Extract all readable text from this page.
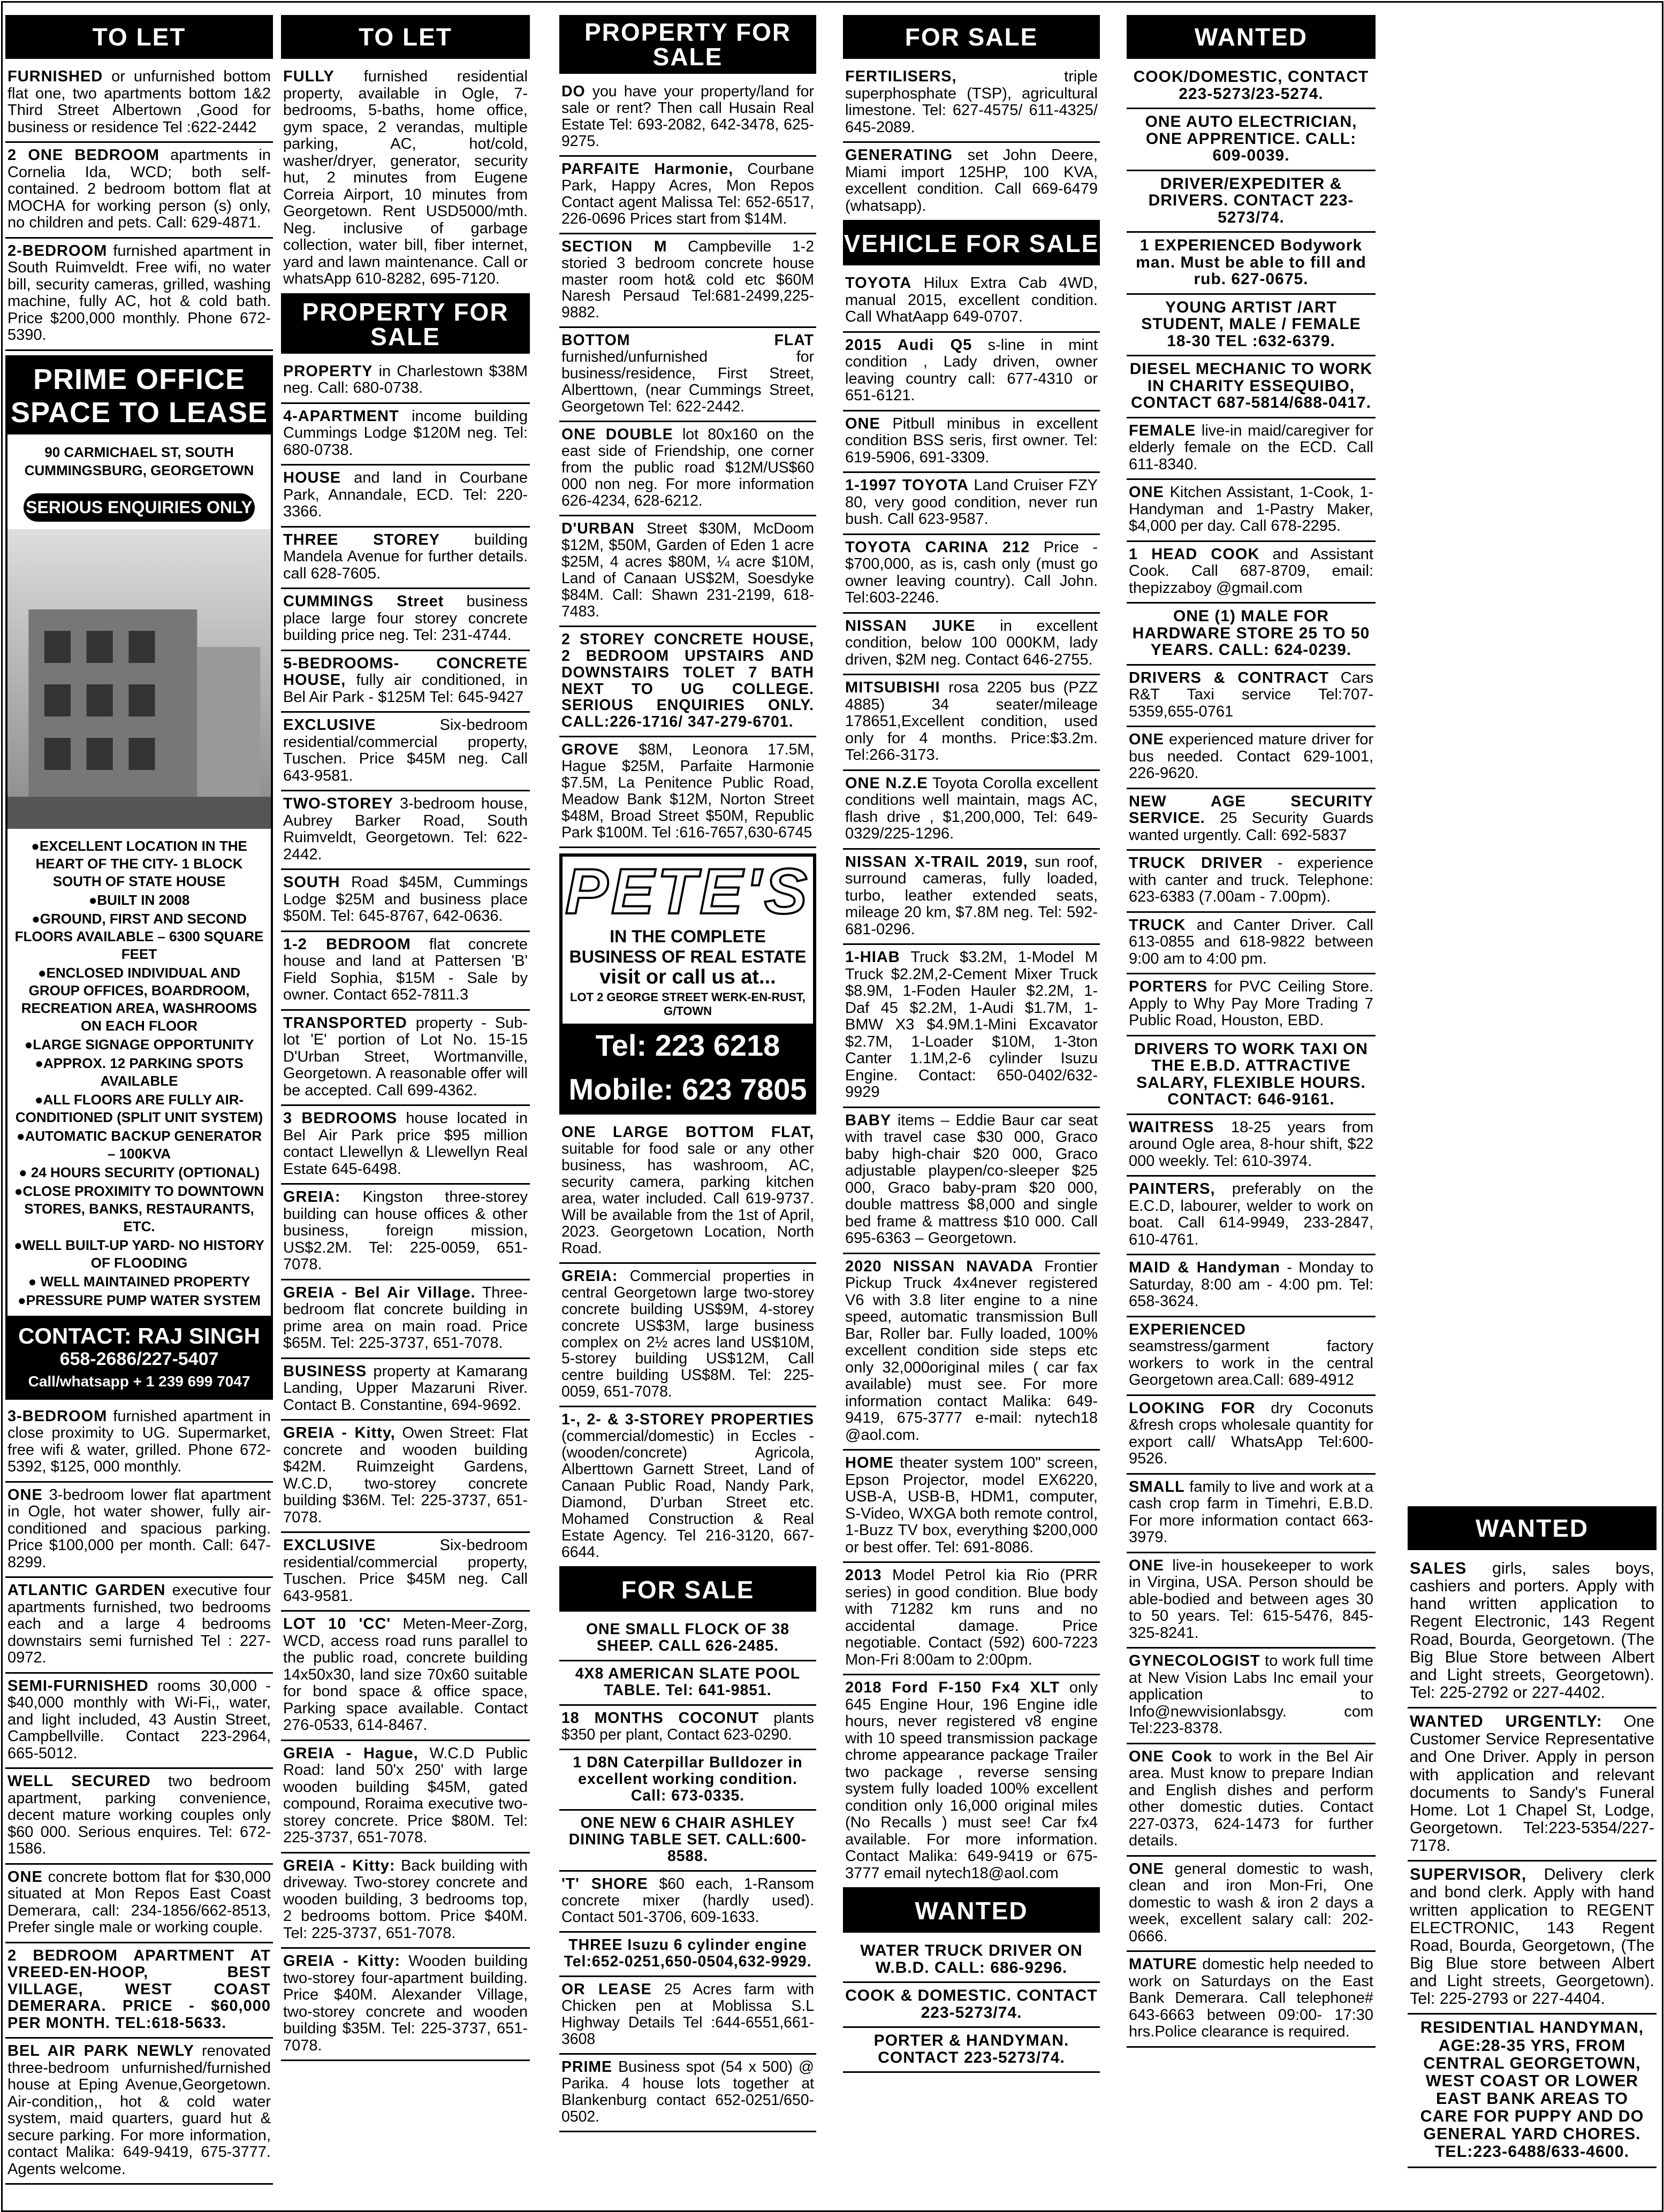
TO LET
FURNISHED or unfurnished bottom flat one, two apartments bottom 1&2 Third Street Albertown ,Good for business or residence Tel :622-2442
2 ONE BEDROOM apartments in Cornelia Ida, WCD; both self-contained. 2 bedroom bottom flat at MOCHA for working person (s) only, no children and pets. Call: 629-4871.
2-BEDROOM furnished apartment in South Ruimveldt. Free wifi, no water bill, security cameras, grilled, washing machine, fully AC, hot & cold bath. Price $200,000 monthly. Phone 672-5390.
PRIME OFFICE SPACE TO LEASE
90 CARMICHAEL ST, SOUTH CUMMINGSBURG, GEORGETOWN
SERIOUS ENQUIRIES ONLY
●EXCELLENT LOCATION IN THE HEART OF THE CITY- 1 BLOCK SOUTH OF STATE HOUSE
●BUILT IN 2008
●GROUND, FIRST AND SECOND FLOORS AVAILABLE – 6300 SQUARE FEET
●ENCLOSED INDIVIDUAL AND GROUP OFFICES, BOARDROOM, RECREATION AREA, WASHROOMS ON EACH FLOOR
●LARGE SIGNAGE OPPORTUNITY
●APPROX. 12 PARKING SPOTS AVAILABLE
●ALL FLOORS ARE FULLY AIR-CONDITIONED (SPLIT UNIT SYSTEM)
●AUTOMATIC BACKUP GENERATOR – 100KVA
● 24 HOURS SECURITY (OPTIONAL)
●CLOSE PROXIMITY TO DOWNTOWN STORES, BANKS, RESTAURANTS, ETC.
●WELL BUILT-UP YARD- NO HISTORY OF FLOODING
● WELL MAINTAINED PROPERTY
●PRESSURE PUMP WATER SYSTEM
CONTACT: RAJ SINGH
658-2686/227-5407
Call/whatsapp + 1 239 699 7047
3-BEDROOM furnished apartment in close proximity to UG. Supermarket, free wifi & water, grilled. Phone 672-5392, $125, 000 monthly.
ONE 3-bedroom lower flat apartment in Ogle, hot water shower, fully air-conditioned and spacious parking. Price $100,000 per month. Call: 647-8299.
ATLANTIC GARDEN executive four apartments furnished, two bedrooms each and a large 4 bedrooms downstairs semi furnished Tel : 227-0972.
SEMI-FURNISHED rooms 30,000 - $40,000 monthly with Wi-Fi,, water, and light included, 43 Austin Street, Campbellville. Contact 223-2964, 665-5012.
WELL SECURED two bedroom apartment, parking convenience, decent mature working couples only $60 000. Serious enquires. Tel: 672-1586.
ONE concrete bottom flat for $30,000 situated at Mon Repos East Coast Demerara, call: 234-1856/662-8513, Prefer single male or working couple.
2 BEDROOM APARTMENT AT VREED-EN-HOOP, BEST VILLAGE, WEST COAST DEMERARA. PRICE - $60,000 PER MONTH. TEL:618-5633.
BEL AIR PARK NEWLY renovated three-bedroom unfurnished/furnished house at Eping Avenue,Georgetown. Air-condition,, hot & cold water system, maid quarters, guard hut & secure parking. For more information, contact Malika: 649-9419, 675-3777. Agents welcome.
TO LET
FULLY furnished residential property, available in Ogle, 7-bedrooms, 5-baths, home office, gym space, 2 verandas, multiple parking, AC, hot/cold, washer/dryer, generator, security hut, 2 minutes from Eugene Correia Airport, 10 minutes from Georgetown. Rent USD5000/mth. Neg. inclusive of garbage collection, water bill, fiber internet, yard and lawn maintenance. Call or whatsApp 610-8282, 695-7120.
PROPERTY FOR SALE
PROPERTY in Charlestown $38M neg. Call: 680-0738.
4-APARTMENT income building Cummings Lodge $120M neg. Tel: 680-0738.
HOUSE and land in Courbane Park, Annandale, ECD. Tel: 220-3366.
THREE STOREY building Mandela Avenue for further details. call 628-7605.
CUMMINGS Street business place large four storey concrete building price neg. Tel: 231-4744.
5-BEDROOMS- CONCRETE HOUSE, fully air conditioned, in Bel Air Park - $125M Tel: 645-9427
EXCLUSIVE Six-bedroom residential/commercial property, Tuschen. Price $45M neg. Call 643-9581.
TWO-STOREY 3-bedroom house, Aubrey Barker Road, South Ruimveldt, Georgetown. Tel: 622-2442.
SOUTH Road $45M, Cummings Lodge $25M and business place $50M. Tel: 645-8767, 642-0636.
1-2 BEDROOM flat concrete house and land at Pattersen 'B' Field Sophia, $15M - Sale by owner. Contact 652-7811.3
TRANSPORTED property - Sub-lot 'E' portion of Lot No. 15-15 D'Urban Street, Wortmanville, Georgetown. A reasonable offer will be accepted. Call 699-4362.
3 BEDROOMS house located in Bel Air Park price $95 million contact Llewellyn & Llewellyn Real Estate 645-6498.
GREIA: Kingston three-storey building can house offices & other business, foreign mission, US$2.2M. Tel: 225-0059, 651-7078.
GREIA - Bel Air Village. Three-bedroom flat concrete building in prime area on main road. Price $65M. Tel: 225-3737, 651-7078.
BUSINESS property at Kamarang Landing, Upper Mazaruni River. Contact B. Constantine, 694-9692.
GREIA - Kitty, Owen Street: Flat concrete and wooden building $42M. Ruimzeight Gardens, W.C.D, two-storey concrete building $36M. Tel: 225-3737, 651-7078.
EXCLUSIVE Six-bedroom residential/commercial property, Tuschen. Price $45M neg. Call 643-9581.
LOT 10 'CC' Meten-Meer-Zorg, WCD, access road runs parallel to the public road, concrete building 14x50x30, land size 70x60 suitable for bond space & office space, Parking space available. Contact 276-0533, 614-8467.
GREIA - Hague, W.C.D Public Road: land 50'x 250' with large wooden building $45M, gated compound, Roraima executive two- storey concrete. Price $80M. Tel: 225-3737, 651-7078.
GREIA - Kitty: Back building with driveway. Two-storey concrete and wooden building, 3 bedrooms top, 2 bedrooms bottom. Price $40M. Tel: 225-3737, 651-7078.
GREIA - Kitty: Wooden building two-storey four-apartment building. Price $40M. Alexander Village, two-storey concrete and wooden building $35M. Tel: 225-3737, 651-7078.
PROPERTY FOR SALE
DO you have your property/land for sale or rent? Then call Husain Real Estate Tel: 693-2082, 642-3478, 625-9275.
PARFAITE Harmonie, Courbane Park, Happy Acres, Mon Repos Contact agent Malissa Tel: 652-6517, 226-0696 Prices start from $14M.
SECTION M Campbeville 1-2 storied 3 bedroom concrete house master room hot& cold etc $60M Naresh Persaud Tel:681-2499,225-9882.
BOTTOM FLAT furnished/unfurnished for business/residence, First Street, Alberttown, (near Cummings Street, Georgetown Tel: 622-2442.
ONE DOUBLE lot 80x160 on the east side of Friendship, one corner from the public road $12M/US$60 000 non neg. For more information 626-4234, 628-6212.
D'URBAN Street $30M, McDoom $12M, $50M, Garden of Eden 1 acre $25M, 4 acres $80M, ¼ acre $10M, Land of Canaan US$2M, Soesdyke $84M. Call: Shawn 231-2199, 618-7483.
2 STOREY CONCRETE HOUSE, 2 BEDROOM UPSTAIRS AND DOWNSTAIRS TOLET 7 BATH NEXT TO UG COLLEGE. SERIOUS ENQUIRIES ONLY. CALL:226-1716/ 347-279-6701.
GROVE $8M, Leonora 17.5M, Hague $25M, Parfaite Harmonie $7.5M, La Penitence Public Road, Meadow Bank $12M, Norton Street $48M, Broad Street $50M, Republic Park $100M. Tel :616-7657,630-6745
PETE'S
IN THE COMPLETE
BUSINESS OF REAL ESTATE
visit or call us at...
LOT 2 GEORGE STREET WERK-EN-RUST, G/TOWN
Tel: 223 6218
Mobile: 623 7805
ONE LARGE BOTTOM FLAT, suitable for food sale or any other business, has washroom, AC, security camera, parking kitchen area, water included. Call 619-9737. Will be available from the 1st of April, 2023. Georgetown Location, North Road.
GREIA: Commercial properties in central Georgetown large two-storey concrete building US$9M, 4-storey concrete US$3M, large business complex on 2½ acres land US$10M, 5-storey building US$12M, Call centre building US$8M. Tel: 225-0059, 651-7078.
1-, 2- & 3-STOREY PROPERTIES (commercial/domestic) in Eccles - (wooden/concrete) Agricola, Alberttown Garnett Street, Land of Canaan Public Road, Nandy Park, Diamond, D'urban Street etc. Mohamed Construction & Real Estate Agency. Tel 216-3120, 667-6644.
FOR SALE
ONE SMALL FLOCK OF 38 SHEEP. CALL 626-2485.
4X8 AMERICAN SLATE POOL TABLE. Tel: 641-9851.
18 MONTHS COCONUT plants $350 per plant, Contact 623-0290.
1 D8N Caterpillar Bulldozer in excellent working condition. Call: 673-0335.
ONE NEW 6 CHAIR ASHLEY DINING TABLE SET. CALL:600-8588.
'T' SHORE $60 each, 1-Ransom concrete mixer (hardly used). Contact 501-3706, 609-1633.
THREE Isuzu 6 cylinder engine Tel:652-0251,650-0504,632-9929.
OR LEASE 25 Acres farm with Chicken pen at Moblissa S.L Highway Details Tel :644-6551,661-3608
PRIME Business spot (54 x 500) @ Parika. 4 house lots together at Blankenburg contact 652-0251/650-0502.
FOR SALE
FERTILISERS, triple superphosphate (TSP), agricultural limestone. Tel: 627-4575/ 611-4325/ 645-2089.
GENERATING set John Deere, Miami import 125HP, 100 KVA, excellent condition. Call 669-6479 (whatsapp).
VEHICLE FOR SALE
TOYOTA Hilux Extra Cab 4WD, manual 2015, excellent condition. Call WhatAapp 649-0707.
2015 Audi Q5 s-line in mint condition , Lady driven, owner leaving country call: 677-4310 or 651-6121.
ONE Pitbull minibus in excellent condition BSS seris, first owner. Tel: 619-5906, 691-3309.
1-1997 TOYOTA Land Cruiser FZY 80, very good condition, never run bush. Call 623-9587.
TOYOTA CARINA 212 Price - $700,000, as is, cash only (must go owner leaving country). Call John. Tel:603-2246.
NISSAN JUKE in excellent condition, below 100 000KM, lady driven, $2M neg. Contact 646-2755.
MITSUBISHI rosa 2205 bus (PZZ 4885) 34 seater/mileage 178651,Excellent condition, used only for 4 months. Price:$3.2m. Tel:266-3173.
ONE N.Z.E Toyota Corolla excellent conditions well maintain, mags AC, flash drive , $1,200,000, Tel: 649-0329/225-1296.
NISSAN X-TRAIL 2019, sun roof, surround cameras, fully loaded, turbo, leather extended seats, mileage 20 km, $7.8M neg. Tel: 592-681-0296.
1-HIAB Truck $3.2M, 1-Model M Truck $2.2M,2-Cement Mixer Truck $8.9M, 1-Foden Hauler $2.2M, 1-Daf 45 $2.2M, 1-Audi $1.7M, 1-BMW X3 $4.9M.1-Mini Excavator $2.7M, 1-Loader $10M, 1-3ton Canter 1.1M,2-6 cylinder Isuzu Engine. Contact: 650-0402/632-9929
BABY items – Eddie Baur car seat with travel case $30 000, Graco baby high-chair $20 000, Graco adjustable playpen/co-sleeper $25 000, Graco baby-pram $20 000, double mattress $8,000 and single bed frame & mattress $10 000. Call 695-6363 – Georgetown.
2020 NISSAN NAVADA Frontier Pickup Truck 4x4never registered V6 with 3.8 liter engine to a nine speed, automatic transmission Bull Bar, Roller bar. Fully loaded, 100% excellent condition side steps etc only 32,000original miles ( car fax available) must see. For more information contact Malika: 649-9419, 675-3777 e-mail: nytech18 @aol.com.
HOME theater system 100" screen, Epson Projector, model EX6220, USB-A, USB-B, HDM1, computer, S-Video, WXGA both remote control, 1-Buzz TV box, everything $200,000 or best offer. Tel: 691-8086.
2013 Model Petrol kia Rio (PRR series) in good condition. Blue body with 71282 km runs and no accidental damage. Price negotiable. Contact (592) 600-7223 Mon-Fri 8:00am to 2:00pm.
2018 Ford F-150 Fx4 XLT only 645 Engine Hour, 196 Engine idle hours, never registered v8 engine with 10 speed transmission package chrome appearance package Trailer two package , reverse sensing system fully loaded 100% excellent condition only 16,000 original miles (No Recalls ) must see! Car fx4 available. For more information. Contact Malika: 649-9419 or 675-3777 email nytech18@aol.com
WANTED
WATER TRUCK DRIVER ON W.B.D. CALL: 686-9296.
COOK & DOMESTIC. CONTACT 223-5273/74.
PORTER & HANDYMAN. CONTACT 223-5273/74.
WANTED
COOK/DOMESTIC, CONTACT 223-5273/23-5274.
ONE AUTO ELECTRICIAN, ONE APPRENTICE. CALL: 609-0039.
DRIVER/EXPEDITER & DRIVERS. CONTACT 223-5273/74.
1 EXPERIENCED Bodywork man. Must be able to fill and rub. 627-0675.
YOUNG ARTIST /ART STUDENT, MALE / FEMALE 18-30 TEL :632-6379.
DIESEL MECHANIC TO WORK IN CHARITY ESSEQUIBO, CONTACT 687-5814/688-0417.
FEMALE live-in maid/caregiver for elderly female on the ECD. Call 611-8340.
ONE Kitchen Assistant, 1-Cook, 1-Handyman and 1-Pastry Maker, $4,000 per day. Call 678-2295.
1 HEAD COOK and Assistant Cook. Call 687-8709, email: thepizzaboy @gmail.com
ONE (1) MALE FOR HARDWARE STORE 25 TO 50 YEARS. CALL: 624-0239.
DRIVERS & CONTRACT Cars R&T Taxi service Tel:707-5359,655-0761
ONE experienced mature driver for bus needed. Contact 629-1001, 226-9620.
NEW AGE SECURITY SERVICE. 25 Security Guards wanted urgently. Call: 692-5837
TRUCK DRIVER - experience with canter and truck. Telephone: 623-6383 (7.00am - 7.00pm).
TRUCK and Canter Driver. Call 613-0855 and 618-9822 between 9:00 am to 4:00 pm.
PORTERS for PVC Ceiling Store. Apply to Why Pay More Trading 7 Public Road, Houston, EBD.
DRIVERS TO WORK TAXI ON THE E.B.D. ATTRACTIVE SALARY, FLEXIBLE HOURS. CONTACT: 646-9161.
WAITRESS 18-25 years from around Ogle area, 8-hour shift, $22 000 weekly. Tel: 610-3974.
PAINTERS, preferably on the E.C.D, labourer, welder to work on boat. Call 614-9949, 233-2847, 610-4761.
MAID & Handyman - Monday to Saturday, 8:00 am - 4:00 pm. Tel: 658-3624.
EXPERIENCED seamstress/garment factory workers to work in the central Georgetown area.Call: 689-4912
LOOKING FOR dry Coconuts &fresh crops wholesale quantity for export call/ WhatsApp Tel:600-9526.
SMALL family to live and work at a cash crop farm in Timehri, E.B.D. For more information contact 663-3979.
ONE live-in housekeeper to work in Virgina, USA. Person should be able-bodied and between ages 30 to 50 years. Tel: 615-5476, 845-325-8241.
GYNECOLOGIST to work full time at New Vision Labs Inc email your application to Info@newvisionlabsgy. com Tel:223-8378.
ONE Cook to work in the Bel Air area. Must know to prepare Indian and English dishes and perform other domestic duties. Contact 227-0373, 624-1473 for further details.
ONE general domestic to wash, clean and iron Mon-Fri, One domestic to wash & iron 2 days a week, excellent salary call: 202-0666.
MATURE domestic help needed to work on Saturdays on the East Bank Demerara. Call telephone# 643-6663 between 09:00- 17:30 hrs.Police clearance is required.
WANTED
SALES girls, sales boys, cashiers and porters. Apply with hand written application to Regent Electronic, 143 Regent Road, Bourda, Georgetown. (The Big Blue Store between Albert and Light streets, Georgetown). Tel: 225-2792 or 227-4402.
WANTED URGENTLY: One Customer Service Representative and One Driver. Apply in person with application and relevant documents to Sandy's Funeral Home. Lot 1 Chapel St, Lodge, Georgetown. Tel:223-5354/227-7178.
SUPERVISOR, Delivery clerk and bond clerk. Apply with hand written application to REGENT ELECTRONIC, 143 Regent Road, Bourda, Georgetown, (The Big Blue store between Albert and Light streets, Georgetown). Tel: 225-2793 or 227-4404.
RESIDENTIAL HANDYMAN, AGE:28-35 YRS, FROM CENTRAL GEORGETOWN, WEST COAST OR LOWER EAST BANK AREAS TO CARE FOR PUPPY AND DO GENERAL YARD CHORES. TEL:223-6488/633-4600.
